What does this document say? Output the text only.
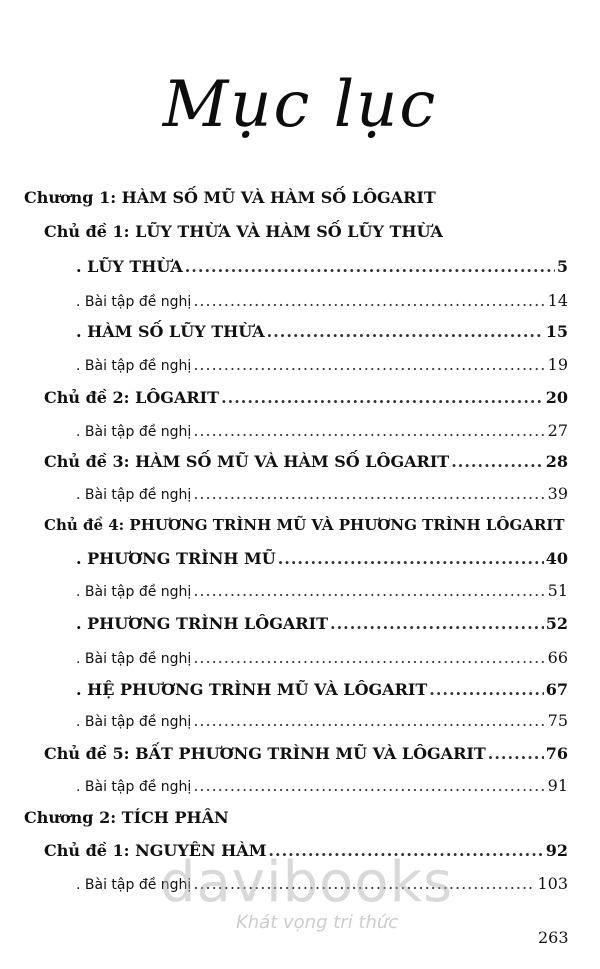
Mục lục
Chương 1: HÀM SỐ MŨ VÀ HÀM SỐ LÔGARIT
Chủ đề 1: LŨY THỪA VÀ HÀM SỐ LŨY THỪA
. LŨY THỪA .....	5
. Bài tập đề nghị .....	14
. HÀM SỐ LŨY THỪA .....	15
. Bài tập đề nghị .....	19
Chủ đề 2: LÔGARIT .....	20
. Bài tập đề nghị .....	27
Chủ đề 3: HÀM SỐ MŨ VÀ HÀM SỐ LÔGARIT .....	28
. Bài tập đề nghị .....	39
Chủ đề 4: PHƯƠNG TRÌNH MŨ VÀ PHƯƠNG TRÌNH LÔGARIT
. PHƯƠNG TRÌNH MŨ .....	40
. Bài tập đề nghị .....	51
. PHƯƠNG TRÌNH LÔGARIT .....	52
. Bài tập đề nghị .....	66
. HỆ PHƯƠNG TRÌNH MŨ VÀ LÔGARIT .....	67
. Bài tập đề nghị .....	75
Chủ đề 5: BẤT PHƯƠNG TRÌNH MŨ VÀ LÔGARIT .....	76
. Bài tập đề nghị .....	91
Chương 2: TÍCH PHÂN
Chủ đề 1: NGUYÊN HÀM .....	92
. Bài tập đề nghị .....	103
davibooks
Khát vọng tri thức
263
